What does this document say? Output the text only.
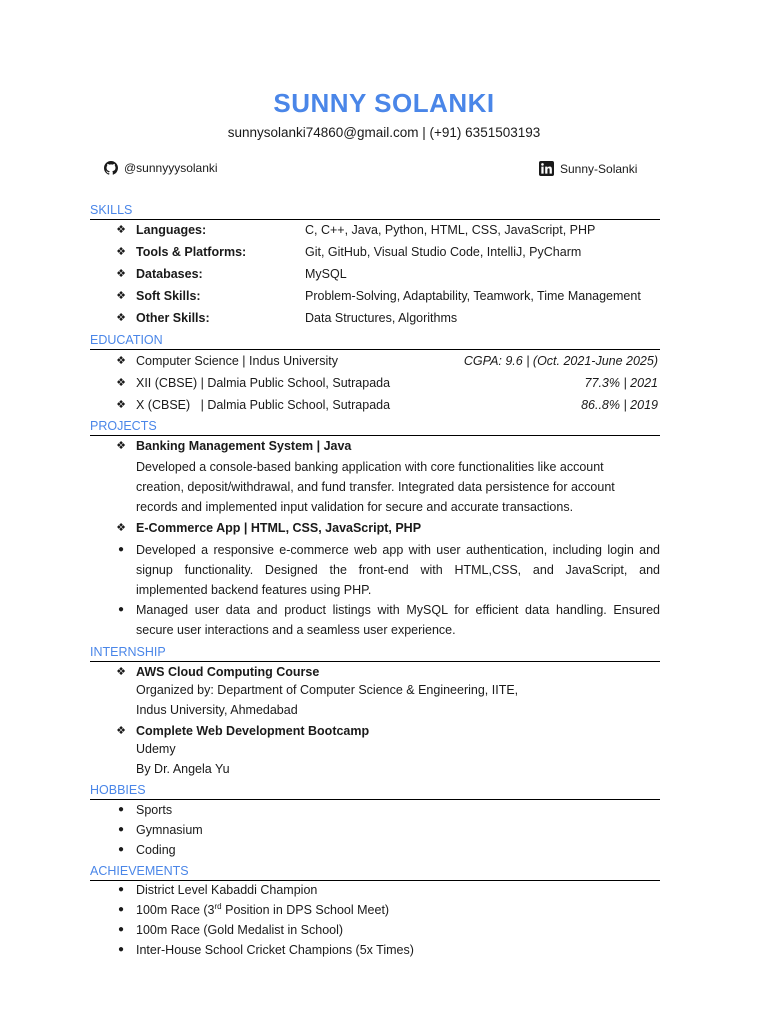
SUNNY SOLANKI
sunnysolanki74860@gmail.com | (+91) 6351503193
@sunnyyysolanki	Sunny-Solanki
SKILLS
❖ Languages:	C, C++, Java, Python, HTML, CSS, JavaScript, PHP
❖ Tools & Platforms:	Git, GitHub, Visual Studio Code, IntelliJ, PyCharm
❖ Databases:	MySQL
❖ Soft Skills:	Problem-Solving, Adaptability, Teamwork, Time Management
❖ Other Skills:	Data Structures, Algorithms
EDUCATION
❖ Computer Science | Indus University	CGPA: 9.6 | (Oct. 2021-June 2025)
❖ XII (CBSE) | Dalmia Public School, Sutrapada	77.3% | 2021
❖ X (CBSE)   | Dalmia Public School, Sutrapada	86..8% | 2019
PROJECTS
❖ Banking Management System | Java
Developed a console-based banking application with core functionalities like account
creation, deposit/withdrawal, and fund transfer. Integrated data persistence for account
records and implemented input validation for secure and accurate transactions.
❖ E-Commerce App | HTML, CSS, JavaScript, PHP
● Developed a responsive e-commerce web app with user authentication, including login and signup functionality. Designed the front-end with HTML,CSS, and JavaScript, and implemented backend features using PHP.
● Managed user data and product listings with MySQL for efficient data handling. Ensured secure user interactions and a seamless user experience.
INTERNSHIP
❖ AWS Cloud Computing Course
Organized by: Department of Computer Science & Engineering, IITE,
Indus University, Ahmedabad
❖ Complete Web Development Bootcamp
Udemy
By Dr. Angela Yu
HOBBIES
● Sports
● Gymnasium
● Coding
ACHIEVEMENTS
● District Level Kabaddi Champion
● 100m Race (3rd Position in DPS School Meet)
● 100m Race (Gold Medalist in School)
● Inter-House School Cricket Champions (5x Times)
